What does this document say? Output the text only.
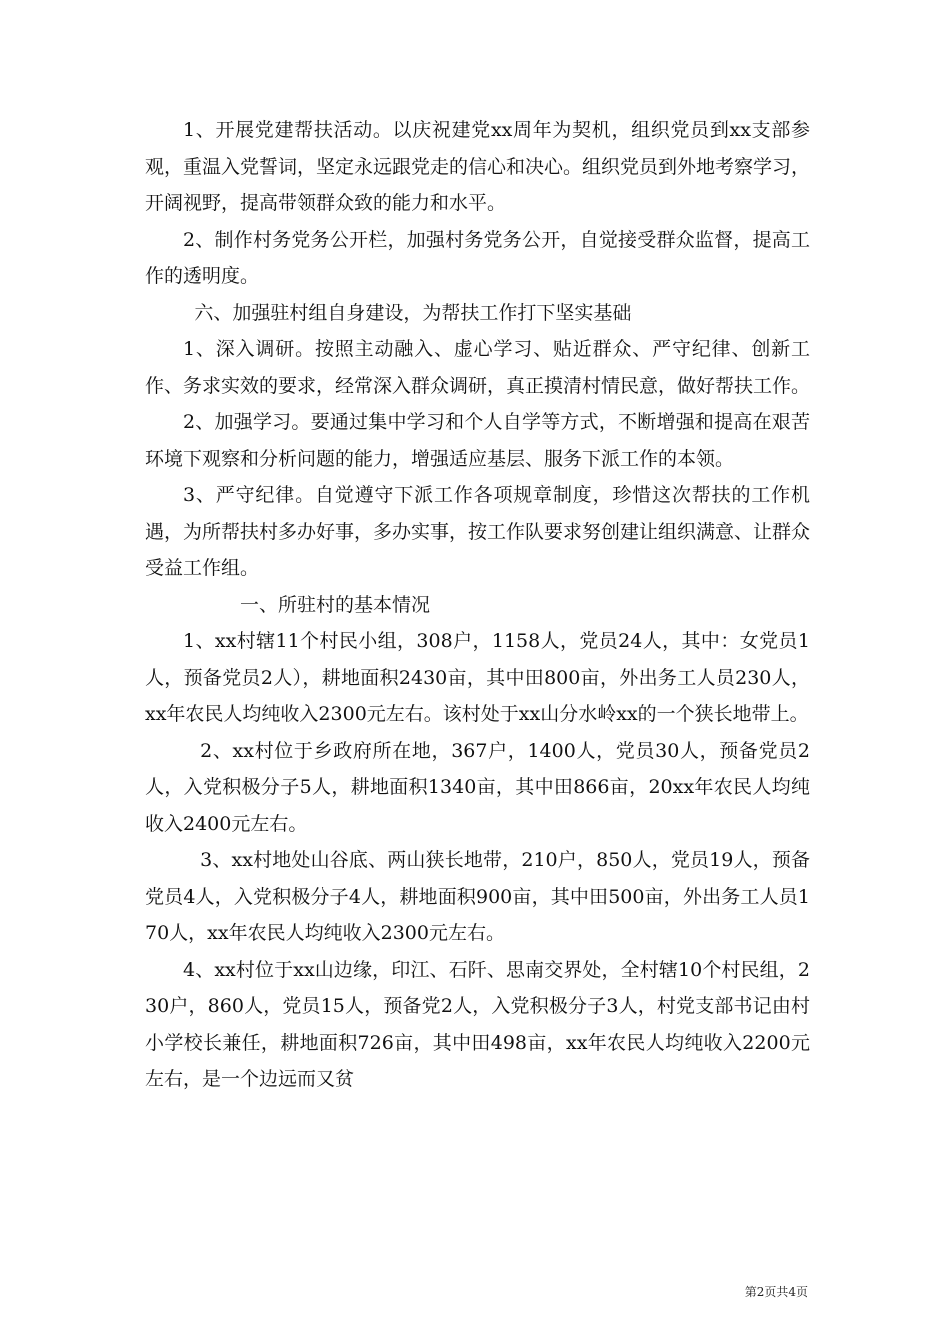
1、开展党建帮扶活动。以庆祝建党xx周年为契机，组织党员到xx支部参观，重温入党誓词，坚定永远跟党走的信心和决心。组织党员到外地考察学习，开阔视野，提高带领群众致的能力和水平。

2、制作村务党务公开栏，加强村务党务公开，自觉接受群众监督，提高工作的透明度。

六、加强驻村组自身建设，为帮扶工作打下坚实基础

1、深入调研。按照主动融入、虚心学习、贴近群众、严守纪律、创新工作、务求实效的要求，经常深入群众调研，真正摸清村情民意，做好帮扶工作。

2、加强学习。要通过集中学习和个人自学等方式，不断增强和提高在艰苦环境下观察和分析问题的能力，增强适应基层、服务下派工作的本领。

3、严守纪律。自觉遵守下派工作各项规章制度，珍惜这次帮扶的工作机遇，为所帮扶村多办好事，多办实事，按工作队要求努创建让组织满意、让群众受益工作组。

一、所驻村的基本情况

1、xx村辖11个村民小组，308户，1158人，党员24人，其中：女党员1人，预备党员2人），耕地面积2430亩，其中田800亩，外出务工人员230人，xx年农民人均纯收入2300元左右。该村处于xx山分水岭xx的一个狭长地带上。

2、xx村位于乡政府所在地，367户，1400人，党员30人，预备党员2人，入党积极分子5人，耕地面积1340亩，其中田866亩，20xx年农民人均纯收入2400元左右。

3、xx村地处山谷底、两山狭长地带，210户，850人，党员19人，预备党员4人，入党积极分子4人，耕地面积900亩，其中田500亩，外出务工人员170人，xx年农民人均纯收入2300元左右。

4、xx村位于xx山边缘，印江、石阡、思南交界处，全村辖10个村民组，230户，860人，党员15人，预备党2人，入党积极分子3人，村党支部书记由村小学校长兼任，耕地面积726亩，其中田498亩，xx年农民人均纯收入2200元左右，是一个边远而又贫

第2页共4页
